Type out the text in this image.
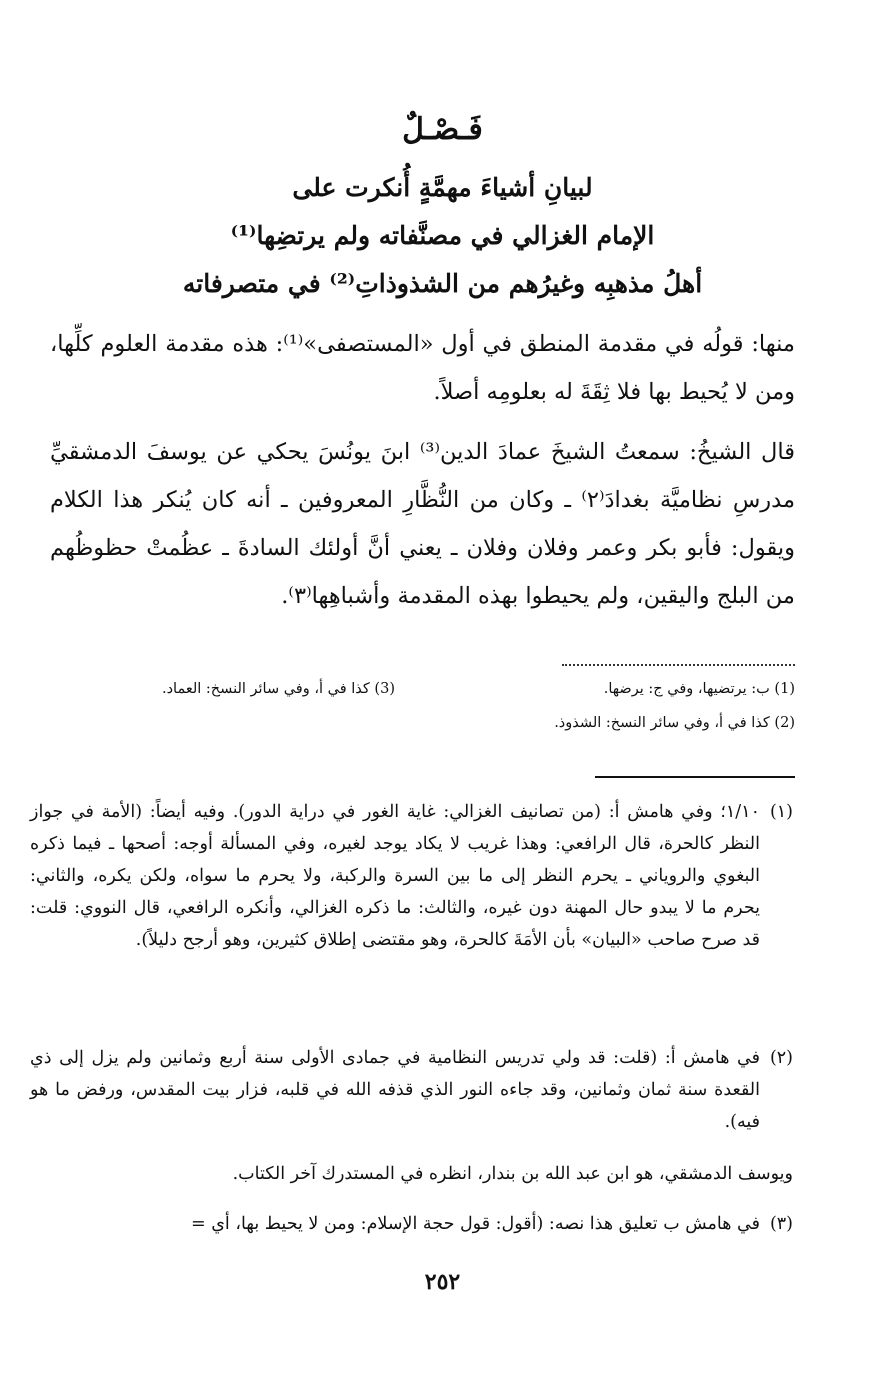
فَـصْـلٌ
لبيانِ أشياءَ مهمَّةٍ أُنكرت على
الإمام الغزالي في مصنَّفاته ولم يرتضِها⁽¹⁾
أهلُ مذهبِه وغيرُهم من الشذوذاتِ⁽²⁾ في متصرفاته
منها: قولُه في مقدمة المنطق في أول «المستصفى»⁽¹⁾: هذه مقدمة العلوم كلِّها، ومن لا يُحيط بها فلا ثِقَةَ له بعلومِه أصلاً.
قال الشيخُ: سمعتُ الشيخَ عمادَ الدين⁽³⁾ ابنَ يونُسَ يحكي عن يوسفَ الدمشقيِّ مدرسِ نظاميَّة بغدادَ⁽٢⁾ ـ وكان من النُّظَّارِ المعروفين ـ أنه كان يُنكر هذا الكلام ويقول: فأبو بكر وعمر وفلان وفلان ـ يعني أنَّ أولئك السادةَ ـ عظُمتْ حظوظُهم من البلج واليقين، ولم يحيطوا بهذه المقدمة وأشباهِها⁽٣⁾.
(1) ب: يرتضيها، وفي ج: يرضها.
(2) كذا في أ، وفي سائر النسخ: الشذوذ.
(3) كذا في أ، وفي سائر النسخ: العماد.
(١)
١/١٠؛ وفي هامش أ: (من تصانيف الغزالي: غاية الغور في دراية الدور). وفيه أيضاً: (الأمة في جواز النظر كالحرة، قال الرافعي: وهذا غريب لا يكاد يوجد لغيره، وفي المسألة أوجه: أصحها ـ فيما ذكره البغوي والروياني ـ يحرم النظر إلى ما بين السرة والركبة، ولا يحرم ما سواه، ولكن يكره، والثاني: يحرم ما لا يبدو حال المهنة دون غيره، والثالث: ما ذكره الغزالي، وأنكره الرافعي، قال النووي: قلت: قد صرح صاحب «البيان» بأن الأمَةَ كالحرة، وهو مقتضى إطلاق كثيرين، وهو أرجح دليلاً).
(٢)
في هامش أ: (قلت: قد ولي تدريس النظامية في جمادى الأولى سنة أربع وثمانين ولم يزل إلى ذي القعدة سنة ثمان وثمانين، وقد جاءه النور الذي قذفه الله في قلبه، فزار بيت المقدس، ورفض ما هو فيه).
ويوسف الدمشقي، هو ابن عبد الله بن بندار، انظره في المستدرك آخر الكتاب.
(٣)
في هامش ب تعليق هذا نصه: (أقول: قول حجة الإسلام: ومن لا يحيط بها، أي =
٢٥٢
